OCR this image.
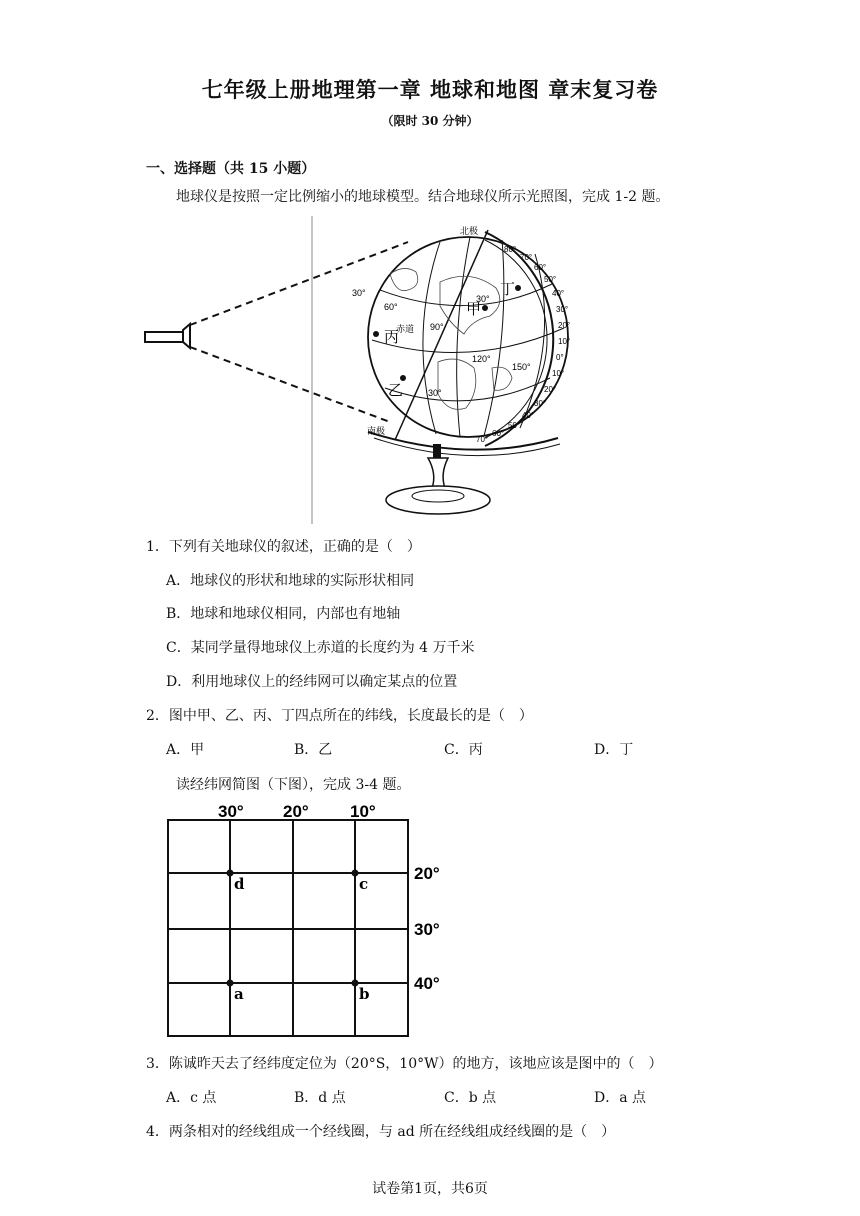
七年级上册地理第一章 地球和地图 章末复习卷
（限时 30 分钟）
一、选择题（共 15 小题）
地球仪是按照一定比例缩小的地球模型。结合地球仪所示光照图，完成 1-2 题。
北极
南极
赤道
甲
乙
丙
丁
30°
60°
90°
120°
150°
30°
30°
80°
70°
60°
50°
40°
30°
20°
10°
0°
10°
20°
30°
40°
50°
60°
70°
1．下列有关地球仪的叙述，正确的是（　）
A．地球仪的形状和地球的实际形状相同
B．地球和地球仪相同，内部也有地轴
C．某同学量得地球仪上赤道的长度约为 4 万千米
D．利用地球仪上的经纬网可以确定某点的位置
2．图中甲、乙、丙、丁四点所在的纬线，长度最长的是（　）
A．甲	B．乙	C．丙	D．丁
读经纬网简图（下图），完成 3-4 题。
30° 20° 10°
20°
30°
40°
d	c
a	b
3．陈诚昨天去了经纬度定位为（20°S，10°W）的地方，该地应该是图中的（　）
A．c 点	B．d 点	C．b 点	D．a 点
4．两条相对的经线组成一个经线圈，与 ad 所在经线组成经线圈的是（　）
试卷第1页，共6页
